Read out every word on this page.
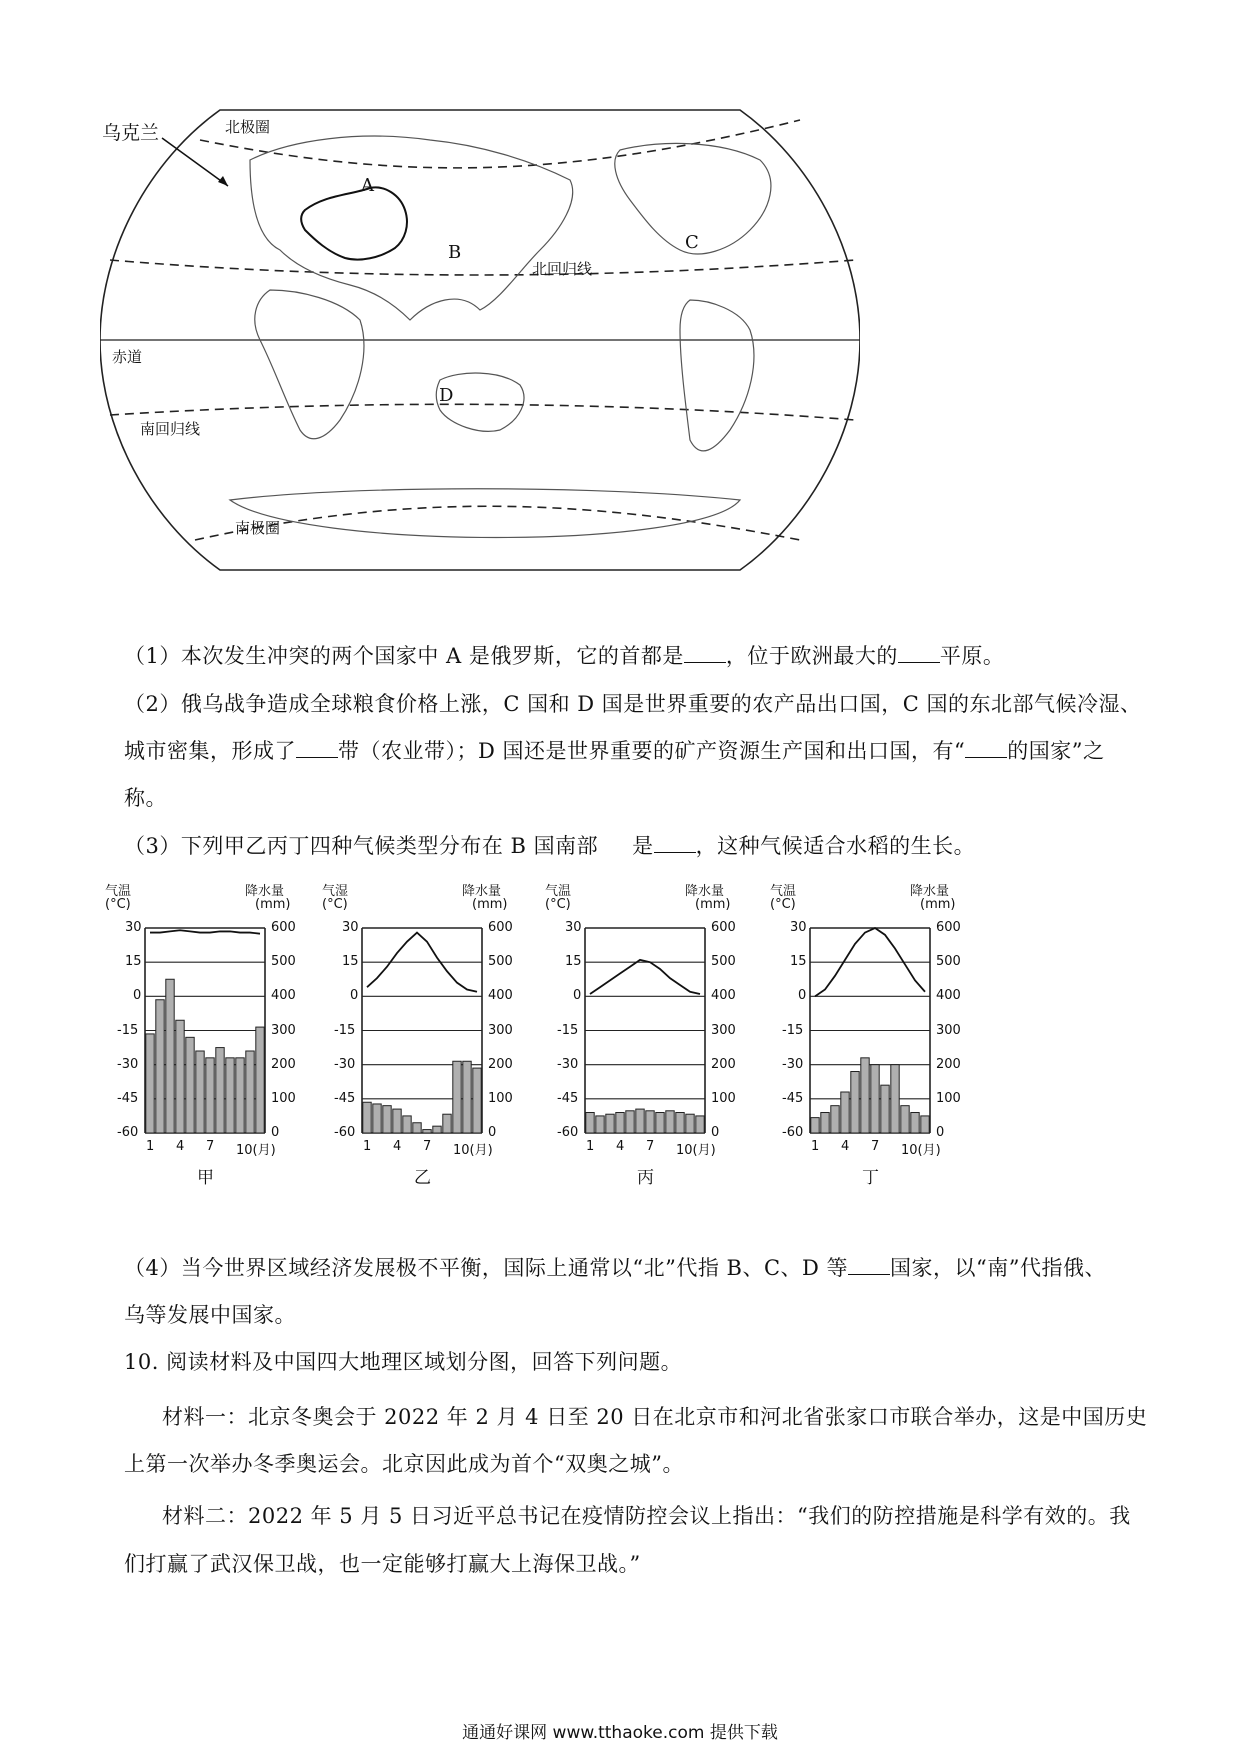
乌克兰	北极圈
北回归线
赤道
南回归线
南极圈
A
B	C
D
（1）本次发生冲突的两个国家中 A 是俄罗斯，它的首都是 ，位于欧洲最大的 平原。
（2）俄乌战争造成全球粮食价格上涨，C 国和 D 国是世界重要的农产品出口国，C 国的东北部气候冷湿、
城市密集，形成了 带（农业带）；D 国还是世界重要的矿产资源生产国和出口国，有“ 的国家”之
称。
（3）下列甲乙丙丁四种气候类型分布在 B 国南部 是 ，这种气候适合水稻的生长。
气温
(°C)
降水量
(mm)
30	600
15	500
0	400
-15	300
-30	200
-45	100
-60	0
1 4 7 10(月)
甲
气湿
(°C)
降水量
(mm)
30	600
15	500
0	400
-15	300
-30	200
-45	100
-60	0
1 4 7 10(月)
乙
气温
(°C)
降水量
(mm)
30	600
15	500
0	400
-15	300
-30	200
-45	100
-60	0
1 4 7 10(月)
丙
气温
(°C)
降水量
(mm)
30	600
15	500
0	400
-15	300
-30	200
-45	100
-60	0
1 4 7 10(月)
丁
（4）当今世界区域经济发展极不平衡，国际上通常以“北”代指 B、C、D 等 国家，以“南”代指俄、
乌等发展中国家。
10. 阅读材料及中国四大地理区域划分图，回答下列问题。
材料一：北京冬奥会于 2022 年 2 月 4 日至 20 日在北京市和河北省张家口市联合举办，这是中国历史
上第一次举办冬季奥运会。北京因此成为首个“双奥之城”。
材料二：2022 年 5 月 5 日习近平总书记在疫情防控会议上指出：“我们的防控措施是科学有效的。我
们打赢了武汉保卫战，也一定能够打赢大上海保卫战。”
通通好课网 www.tthaoke.com 提供下载
